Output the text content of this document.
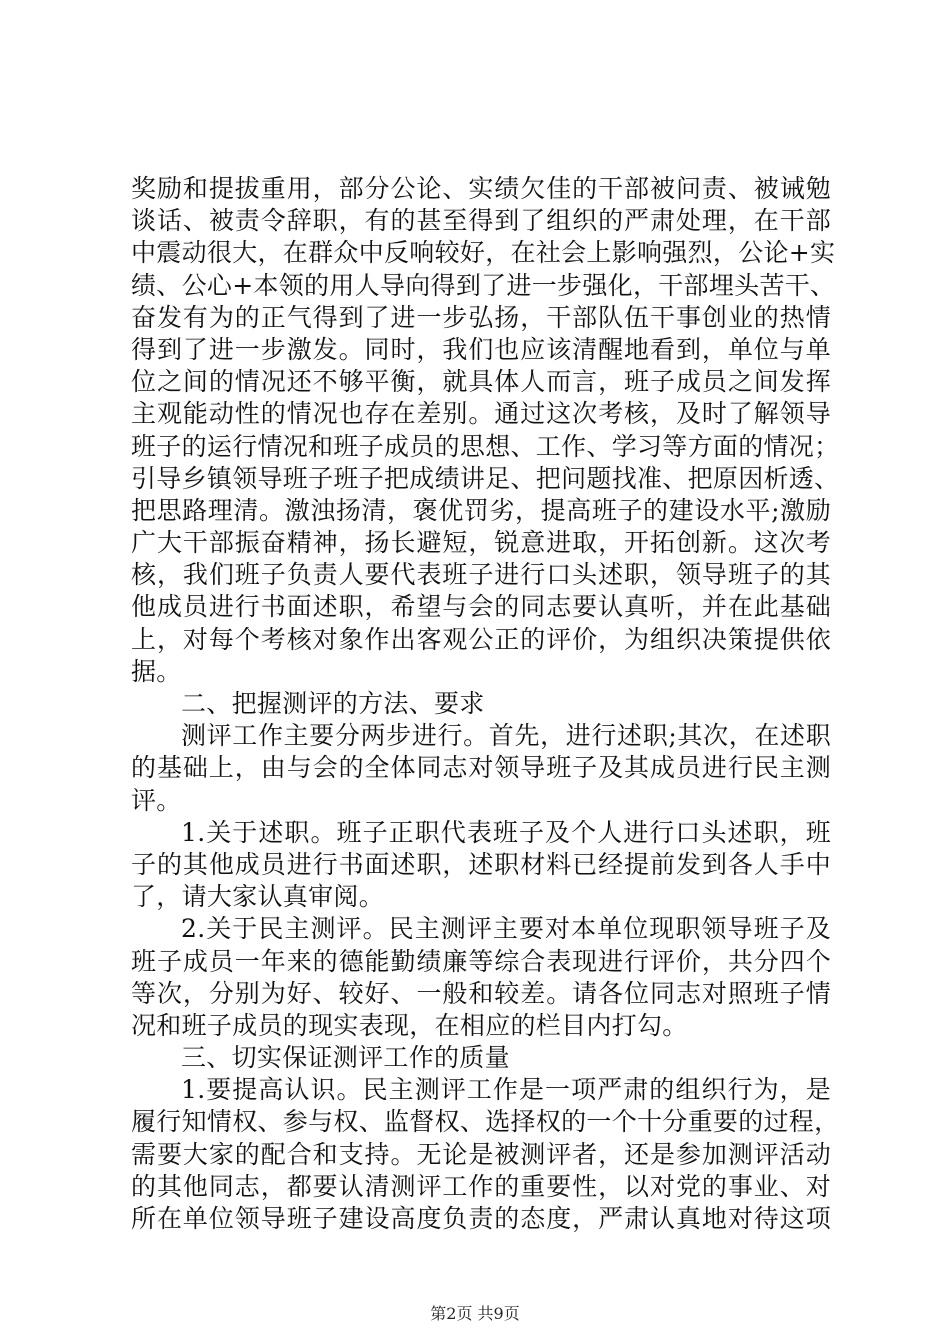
奖励和提拔重用，部分公论、实绩欠佳的干部被问责、被诫勉
谈话、被责令辞职，有的甚至得到了组织的严肃处理，在干部
中震动很大，在群众中反响较好，在社会上影响强烈，公论+实
绩、公心+本领的用人导向得到了进一步强化，干部埋头苦干、
奋发有为的正气得到了进一步弘扬，干部队伍干事创业的热情
得到了进一步激发。同时，我们也应该清醒地看到，单位与单
位之间的情况还不够平衡，就具体人而言，班子成员之间发挥
主观能动性的情况也存在差别。通过这次考核，及时了解领导
班子的运行情况和班子成员的思想、工作、学习等方面的情况；
引导乡镇领导班子班子把成绩讲足、把问题找准、把原因析透、
把思路理清。激浊扬清，褒优罚劣，提高班子的建设水平;激励
广大干部振奋精神，扬长避短，锐意进取，开拓创新。这次考
核，我们班子负责人要代表班子进行口头述职，领导班子的其
他成员进行书面述职，希望与会的同志要认真听，并在此基础
上，对每个考核对象作出客观公正的评价，为组织决策提供依
据。
二、把握测评的方法、要求
测评工作主要分两步进行。首先，进行述职;其次，在述职
的基础上，由与会的全体同志对领导班子及其成员进行民主测
评。
1.关于述职。班子正职代表班子及个人进行口头述职，班
子的其他成员进行书面述职，述职材料已经提前发到各人手中
了，请大家认真审阅。
2.关于民主测评。民主测评主要对本单位现职领导班子及
班子成员一年来的德能勤绩廉等综合表现进行评价，共分四个
等次，分别为好、较好、一般和较差。请各位同志对照班子情
况和班子成员的现实表现，在相应的栏目内打勾。
三、切实保证测评工作的质量
1.要提高认识。民主测评工作是一项严肃的组织行为，是
履行知情权、参与权、监督权、选择权的一个十分重要的过程，
需要大家的配合和支持。无论是被测评者，还是参加测评活动
的其他同志，都要认清测评工作的重要性，以对党的事业、对
所在单位领导班子建设高度负责的态度，严肃认真地对待这项
第2页 共9页
